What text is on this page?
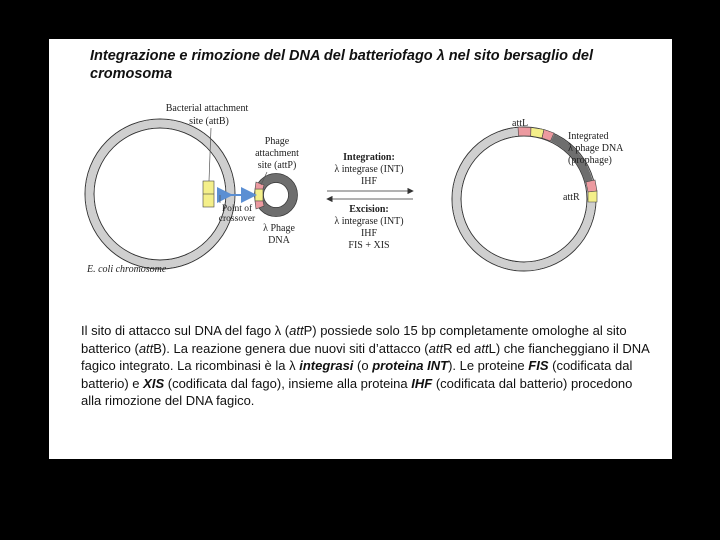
Integrazione e rimozione del DNA del batteriofago λ nel sito bersaglio del cromosoma
Bacterial attachment
site (attB)
Phage
attachment
site (attP)
Point of
crossover
λ Phage
DNA
E. coli chromosome
Integration:
λ integrase (INT)
IHF
Excision:
λ integrase (INT)
IHF
FIS + XIS
attL
attR
Integrated
λ phage DNA
(prophage)
Il sito di attacco sul DNA del fago λ (attP) possiede solo 15 bp completamente omologhe al sito batterico (attB). La reazione genera due nuovi siti d’attacco (attR ed attL) che fiancheggiano il DNA fagico integrato. La ricombinasi è la λ integrasi (o proteina INT). Le proteine FIS (codificata dal batterio) e XIS (codificata dal fago), insieme alla proteina IHF (codificata dal batterio) procedono alla rimozione del DNA fagico.
